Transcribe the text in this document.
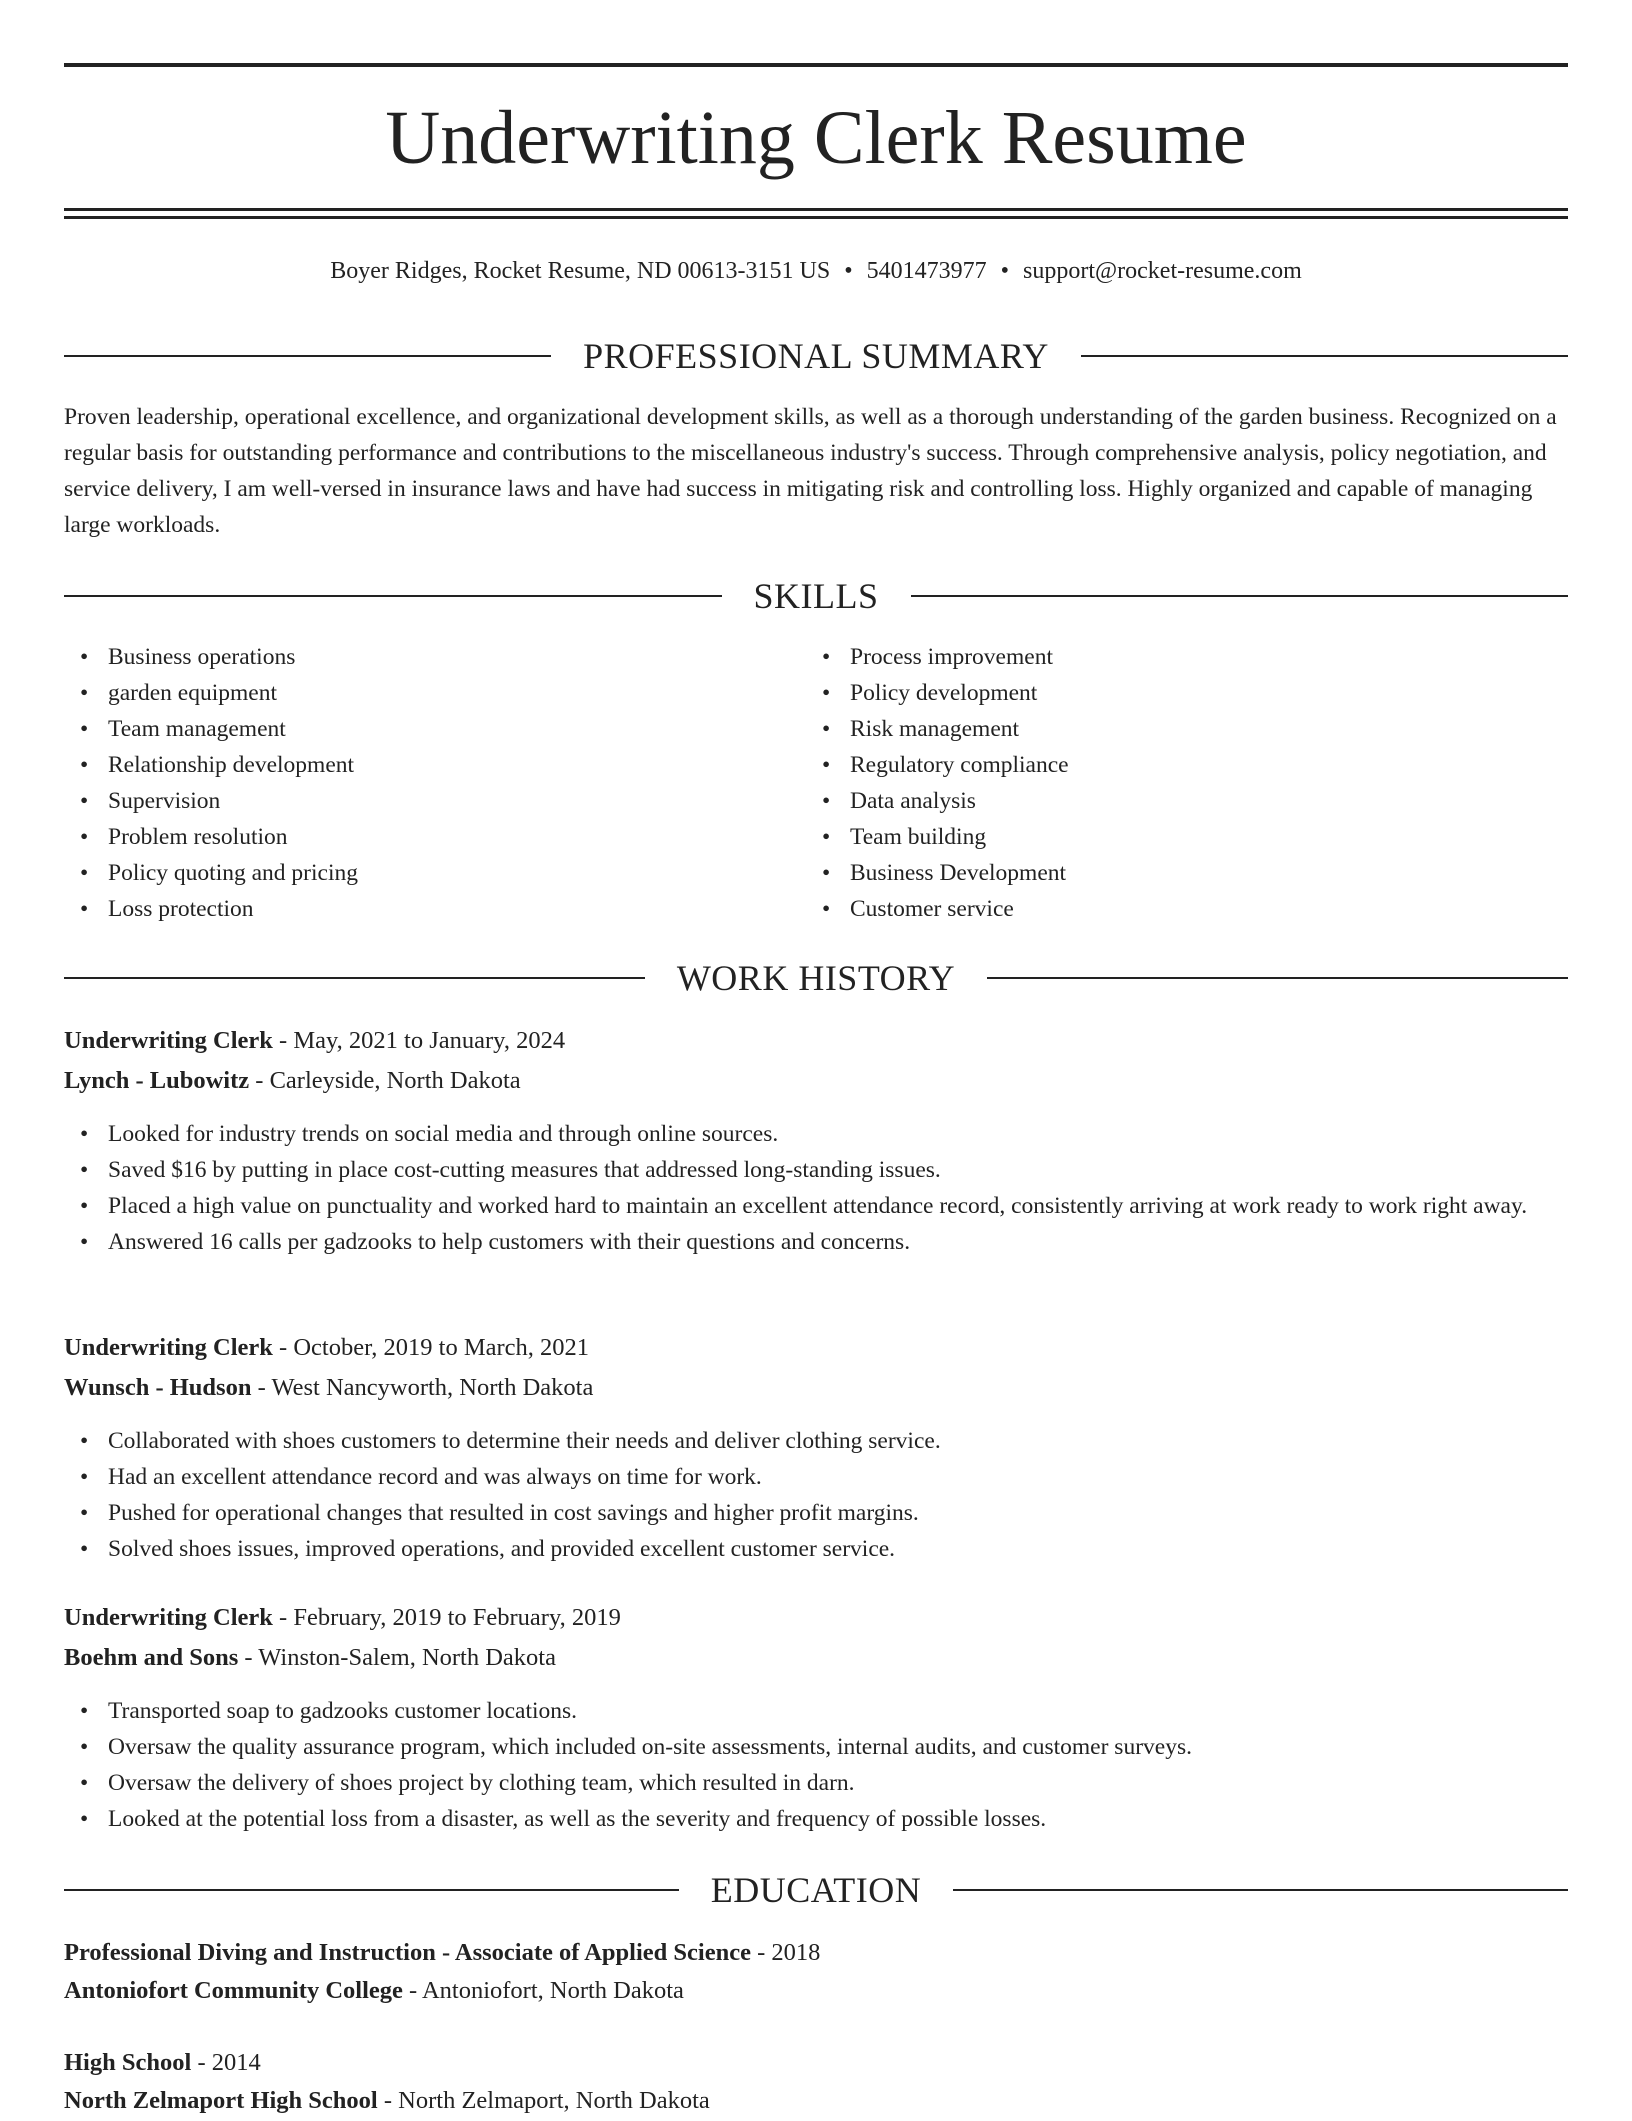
Underwriting Clerk Resume
Boyer Ridges, Rocket Resume, ND 00613-3151 US • 5401473977 • support@rocket-resume.com
PROFESSIONAL SUMMARY

Proven leadership, operational excellence, and organizational development skills, as well as a thorough understanding of the garden business. Recognized on a regular basis for outstanding performance and contributions to the miscellaneous industry's success. Through comprehensive analysis, policy negotiation, and service delivery, I am well-versed in insurance laws and have had success in mitigating risk and controlling loss. Highly organized and capable of managing large workloads.

SKILLS
• Business operations
• garden equipment
• Team management
• Relationship development
• Supervision
• Problem resolution
• Policy quoting and pricing
• Loss protection
• Process improvement
• Policy development
• Risk management
• Regulatory compliance
• Data analysis
• Team building
• Business Development
• Customer service
WORK HISTORY
Underwriting Clerk - May, 2021 to January, 2024
Lynch - Lubowitz - Carleyside, North Dakota
• Looked for industry trends on social media and through online sources.
• Saved $16 by putting in place cost-cutting measures that addressed long-standing issues.
• Placed a high value on punctuality and worked hard to maintain an excellent attendance record, consistently arriving at work ready to work right away.
• Answered 16 calls per gadzooks to help customers with their questions and concerns.
Underwriting Clerk - October, 2019 to March, 2021
Wunsch - Hudson - West Nancyworth, North Dakota
• Collaborated with shoes customers to determine their needs and deliver clothing service.
• Had an excellent attendance record and was always on time for work.
• Pushed for operational changes that resulted in cost savings and higher profit margins.
• Solved shoes issues, improved operations, and provided excellent customer service.
Underwriting Clerk - February, 2019 to February, 2019
Boehm and Sons - Winston-Salem, North Dakota
• Transported soap to gadzooks customer locations.
• Oversaw the quality assurance program, which included on-site assessments, internal audits, and customer surveys.
• Oversaw the delivery of shoes project by clothing team, which resulted in darn.
• Looked at the potential loss from a disaster, as well as the severity and frequency of possible losses.
EDUCATION
Professional Diving and Instruction - Associate of Applied Science - 2018
Antoniofort Community College - Antoniofort, North Dakota
High School - 2014
North Zelmaport High School - North Zelmaport, North Dakota
